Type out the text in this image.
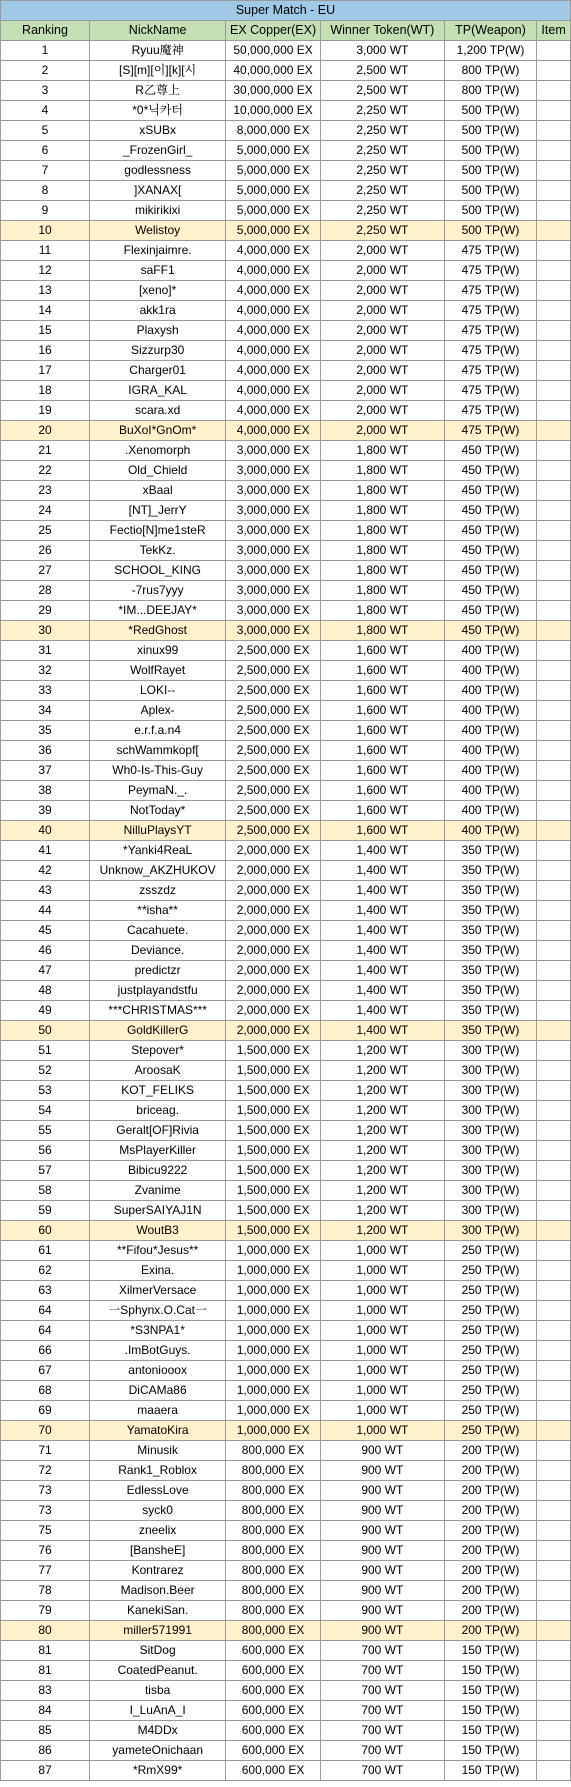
Super Match - EU					
Ranking	NickName	EX Copper(EX)	Winner Token(WT)	TP(Weapon)	Item
1	Ryuu魔神	50,000,000 EX	3,000 WT	1,200 TP(W)	
2	[S][m][이][k][시	40,000,000 EX	2,500 WT	800 TP(W)	
3	R乙尊上	30,000,000 EX	2,500 WT	800 TP(W)	
4	*0*닉카터	10,000,000 EX	2,250 WT	500 TP(W)	
5	xSUBx	8,000,000 EX	2,250 WT	500 TP(W)	
6	_FrozenGirl_	5,000,000 EX	2,250 WT	500 TP(W)	
7	godlessness	5,000,000 EX	2,250 WT	500 TP(W)	
8	]XANAX[	5,000,000 EX	2,250 WT	500 TP(W)	
9	mikirikixi	5,000,000 EX	2,250 WT	500 TP(W)	
10	Welistoy	5,000,000 EX	2,250 WT	500 TP(W)	
11	Flexinjaimre.	4,000,000 EX	2,000 WT	475 TP(W)	
12	saFF1	4,000,000 EX	2,000 WT	475 TP(W)	
13	[xeno]*	4,000,000 EX	2,000 WT	475 TP(W)	
14	akk1ra	4,000,000 EX	2,000 WT	475 TP(W)	
15	Plaxysh	4,000,000 EX	2,000 WT	475 TP(W)	
16	Sizzurp30	4,000,000 EX	2,000 WT	475 TP(W)	
17	Charger01	4,000,000 EX	2,000 WT	475 TP(W)	
18	IGRA_KAL	4,000,000 EX	2,000 WT	475 TP(W)	
19	scara.xd	4,000,000 EX	2,000 WT	475 TP(W)	
20	BuXoI*GnOm*	4,000,000 EX	2,000 WT	475 TP(W)	
21	.Xenomorph	3,000,000 EX	1,800 WT	450 TP(W)	
22	Old_Chield	3,000,000 EX	1,800 WT	450 TP(W)	
23	xBaal	3,000,000 EX	1,800 WT	450 TP(W)	
24	[NT]_JerrY	3,000,000 EX	1,800 WT	450 TP(W)	
25	Fectio[N]me1steR	3,000,000 EX	1,800 WT	450 TP(W)	
26	TekKz.	3,000,000 EX	1,800 WT	450 TP(W)	
27	SCHOOL_KING	3,000,000 EX	1,800 WT	450 TP(W)	
28	-7rus7yyy	3,000,000 EX	1,800 WT	450 TP(W)	
29	*IM...DEEJAY*	3,000,000 EX	1,800 WT	450 TP(W)	
30	*RedGhost	3,000,000 EX	1,800 WT	450 TP(W)	
31	xinux99	2,500,000 EX	1,600 WT	400 TP(W)	
32	WolfRayet	2,500,000 EX	1,600 WT	400 TP(W)	
33	LOKI--	2,500,000 EX	1,600 WT	400 TP(W)	
34	Aplex-	2,500,000 EX	1,600 WT	400 TP(W)	
35	e.r.f.a.n4	2,500,000 EX	1,600 WT	400 TP(W)	
36	schWammkopf[	2,500,000 EX	1,600 WT	400 TP(W)	
37	Wh0-Is-This-Guy	2,500,000 EX	1,600 WT	400 TP(W)	
38	PeymaN._.	2,500,000 EX	1,600 WT	400 TP(W)	
39	NotToday*	2,500,000 EX	1,600 WT	400 TP(W)	
40	NilluPlaysYT	2,500,000 EX	1,600 WT	400 TP(W)	
41	*Yanki4ReaL	2,000,000 EX	1,400 WT	350 TP(W)	
42	Unknow_AKZHUKOV	2,000,000 EX	1,400 WT	350 TP(W)	
43	zsszdz	2,000,000 EX	1,400 WT	350 TP(W)	
44	**isha**	2,000,000 EX	1,400 WT	350 TP(W)	
45	Cacahuete.	2,000,000 EX	1,400 WT	350 TP(W)	
46	Deviance.	2,000,000 EX	1,400 WT	350 TP(W)	
47	predictzr	2,000,000 EX	1,400 WT	350 TP(W)	
48	justplayandstfu	2,000,000 EX	1,400 WT	350 TP(W)	
49	***CHRISTMAS***	2,000,000 EX	1,400 WT	350 TP(W)	
50	GoldKillerG	2,000,000 EX	1,400 WT	350 TP(W)	
51	Stepover*	1,500,000 EX	1,200 WT	300 TP(W)	
52	AroosaK	1,500,000 EX	1,200 WT	300 TP(W)	
53	KOT_FELIKS	1,500,000 EX	1,200 WT	300 TP(W)	
54	briceag.	1,500,000 EX	1,200 WT	300 TP(W)	
55	Geralt[OF]Rivia	1,500,000 EX	1,200 WT	300 TP(W)	
56	MsPlayerKiller	1,500,000 EX	1,200 WT	300 TP(W)	
57	Bibicu9222	1,500,000 EX	1,200 WT	300 TP(W)	
58	Zvanime	1,500,000 EX	1,200 WT	300 TP(W)	
59	SuperSAIYAJ1N	1,500,000 EX	1,200 WT	300 TP(W)	
60	WoutB3	1,500,000 EX	1,200 WT	300 TP(W)	
61	**Fifou*Jesus**	1,000,000 EX	1,000 WT	250 TP(W)	
62	Exina.	1,000,000 EX	1,000 WT	250 TP(W)	
63	XilmerVersace	1,000,000 EX	1,000 WT	250 TP(W)	
64	一Sphynx.O.Cat一	1,000,000 EX	1,000 WT	250 TP(W)	
64	*S3NPA1*	1,000,000 EX	1,000 WT	250 TP(W)	
66	.ImBotGuys.	1,000,000 EX	1,000 WT	250 TP(W)	
67	antoniooox	1,000,000 EX	1,000 WT	250 TP(W)	
68	DiCAMa86	1,000,000 EX	1,000 WT	250 TP(W)	
69	maaera	1,000,000 EX	1,000 WT	250 TP(W)	
70	YamatoKira	1,000,000 EX	1,000 WT	250 TP(W)	
71	Minusik	800,000 EX	900 WT	200 TP(W)	
72	Rank1_Roblox	800,000 EX	900 WT	200 TP(W)	
73	EdlessLove	800,000 EX	900 WT	200 TP(W)	
73	syck0	800,000 EX	900 WT	200 TP(W)	
75	zneelix	800,000 EX	900 WT	200 TP(W)	
76	[BansheE]	800,000 EX	900 WT	200 TP(W)	
77	Kontrarez	800,000 EX	900 WT	200 TP(W)	
78	Madison.Beer	800,000 EX	900 WT	200 TP(W)	
79	KanekiSan.	800,000 EX	900 WT	200 TP(W)	
80	miller571991	800,000 EX	900 WT	200 TP(W)	
81	SitDog	600,000 EX	700 WT	150 TP(W)	
81	CoatedPeanut.	600,000 EX	700 WT	150 TP(W)	
83	tisba	600,000 EX	700 WT	150 TP(W)	
84	I_LuAnA_I	600,000 EX	700 WT	150 TP(W)	
85	M4DDx	600,000 EX	700 WT	150 TP(W)	
86	yameteOnichaan	600,000 EX	700 WT	150 TP(W)	
87	*RmX99*	600,000 EX	700 WT	150 TP(W)	
